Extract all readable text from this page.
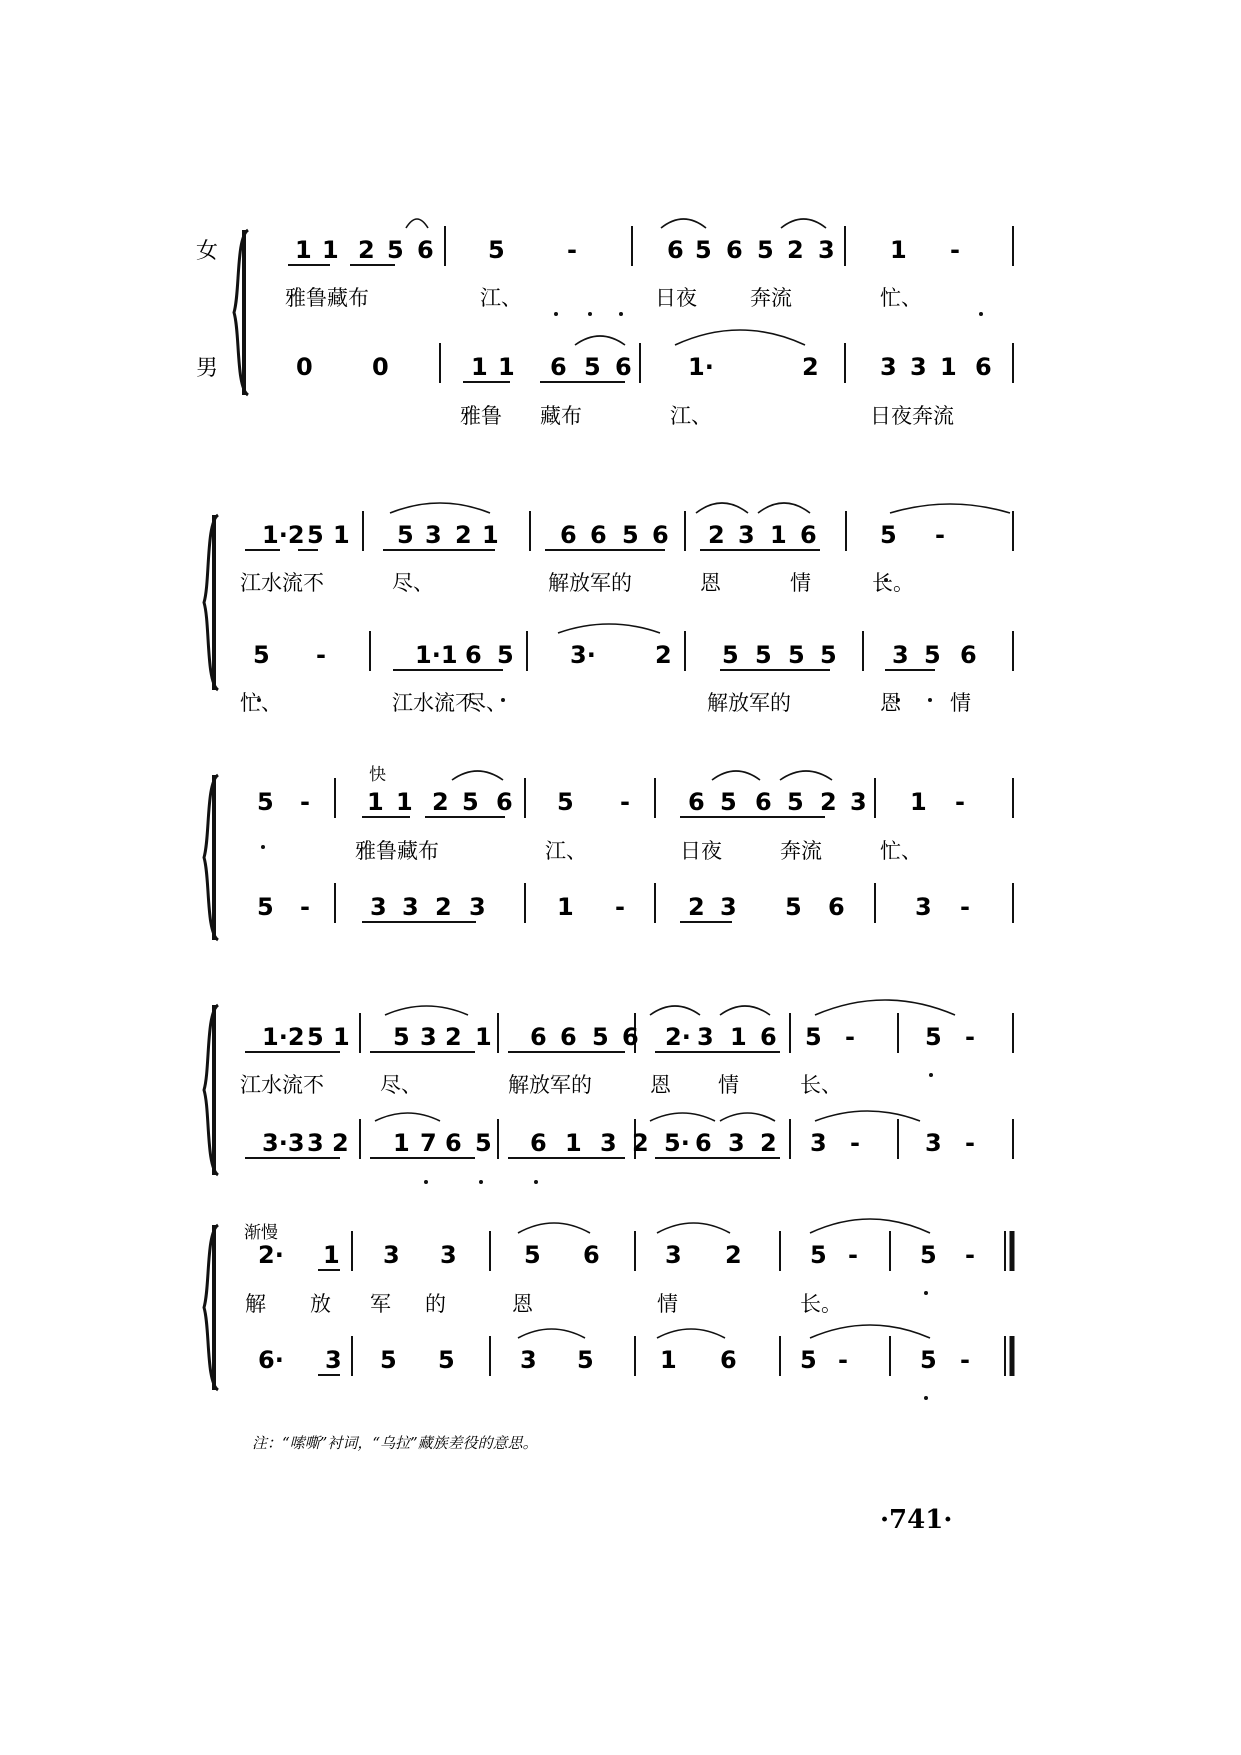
1 1 2 5 6 5	-	6 5 6 5 2 3 1 -
雅鲁藏布	江、	日夜	奔流	忙、
0 0	1 1 6 5 6 1·	2	3 3 1 6
雅鲁 藏布	江、	日夜奔流
1·2 5 1 5 3 2 1	6 6 5 6 2 3 1 6	5 -
江水流不	尽、	解放军的	恩	情	长。
5 -	1·1 6 5 3· 2 5 5 5 5 3 5 6
忙、	江水流不
尽、	解放军的	恩 情
5 - 1 1 2 5 6 5 - 6 5 6 5 2 3 1 -
雅鲁藏布	江、	日夜	奔流	忙、
5 -	3 3 2 3	1 -	2 3 5 6	3 -
1·2 5 1 5 3 2 1 6 6 5 6 2· 3 1 6 5 -	5 -
江水流不	尽、	解放军的	恩 情	长、
3·3 3 2 1 7 6 5 6 1 3 2 5· 6 3 2 3 -	3 -
2· 1 3 3	5 6	3 2	5 -	5 -
解 放 军 的	恩	情	长。
6· 3 5 5	3 5	1 6	5 -	5 -
女
男
快
渐慢
注：“嗦嘶”衬词，“乌拉”藏族差役的意思。
·741·
